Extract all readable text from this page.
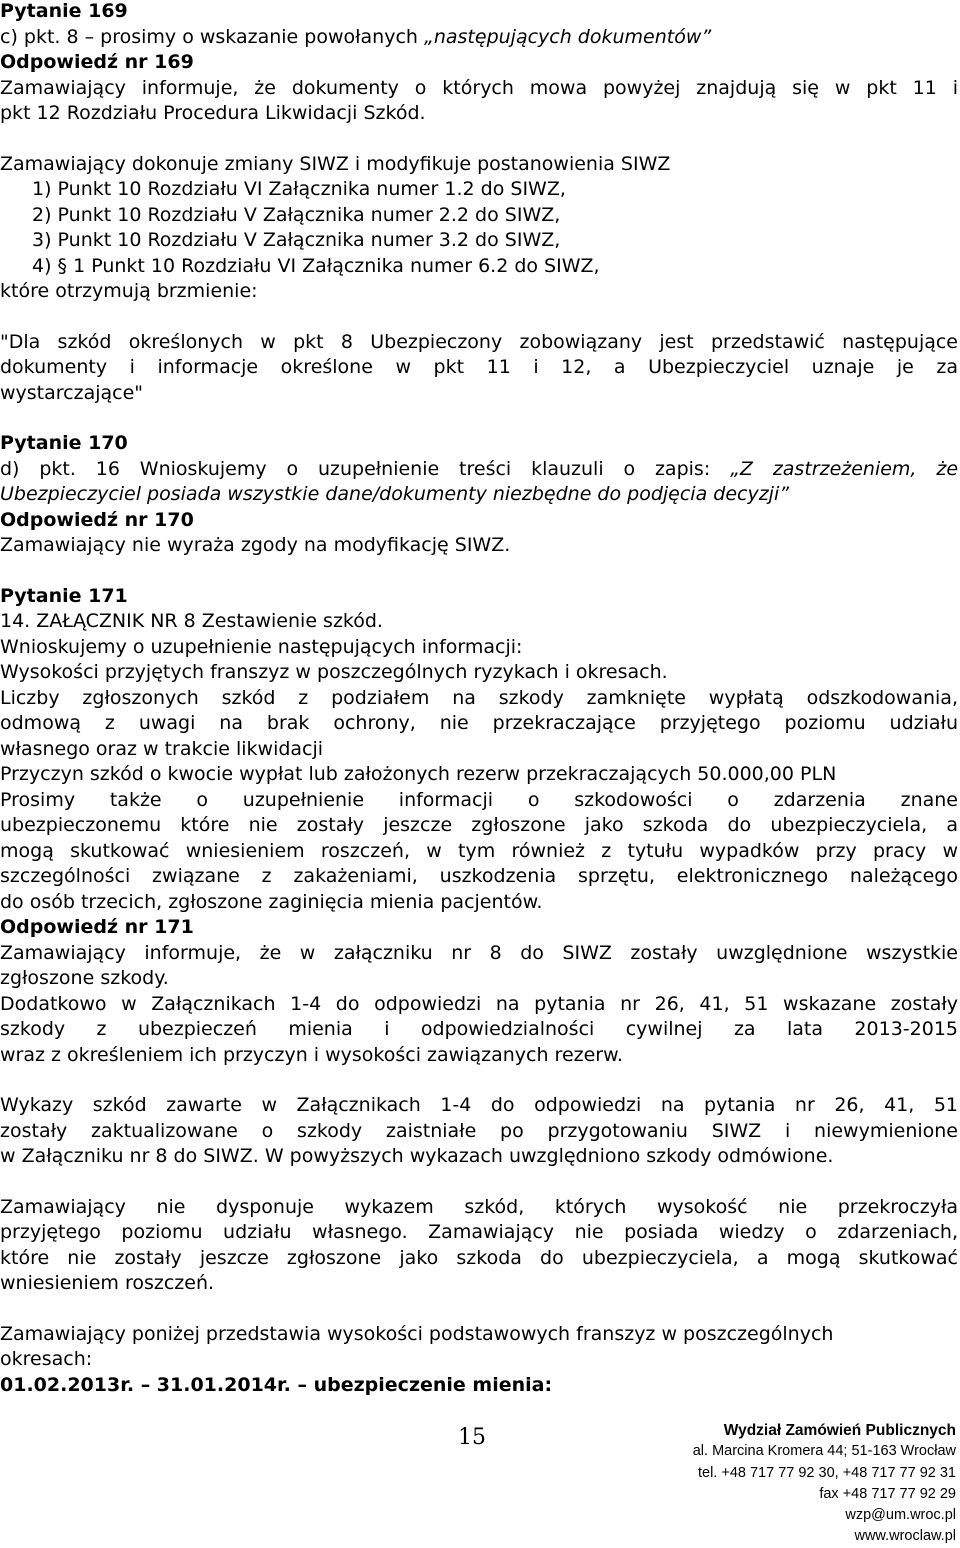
Pytanie 169

c) pkt. 8 – prosimy o wskazanie powołanych „następujących dokumentów”

Odpowiedź nr 169

Zamawiający informuje, że dokumenty o których mowa powyżej znajdują się w pkt 11 i

pkt 12 Rozdziału Procedura Likwidacji Szkód.

Zamawiający dokonuje zmiany SIWZ i modyfikuje postanowienia SIWZ

1) Punkt 10 Rozdziału VI Załącznika numer 1.2 do SIWZ,
2) Punkt 10 Rozdziału V Załącznika numer 2.2 do SIWZ,
3) Punkt 10 Rozdziału V Załącznika numer 3.2 do SIWZ,
4) § 1 Punkt 10 Rozdziału VI Załącznika numer 6.2 do SIWZ,

które otrzymują brzmienie:

"Dla szkód określonych w pkt 8 Ubezpieczony zobowiązany jest przedstawić następujące

dokumenty i informacje określone w pkt 11 i 12, a Ubezpieczyciel uznaje je za

wystarczające"

Pytanie 170

d) pkt. 16 Wnioskujemy o uzupełnienie treści klauzuli o zapis: „Z zastrzeżeniem, że

Ubezpieczyciel posiada wszystkie dane/dokumenty niezbędne do podjęcia decyzji”

Odpowiedź nr 170

Zamawiający nie wyraża zgody na modyfikację SIWZ.

Pytanie 171

14. ZAŁĄCZNIK NR 8 Zestawienie szkód.

Wnioskujemy o uzupełnienie następujących informacji:

Wysokości przyjętych franszyz w poszczególnych ryzykach i okresach.

Liczby zgłoszonych szkód z podziałem na szkody zamknięte wypłatą odszkodowania,

odmową z uwagi na brak ochrony, nie przekraczające przyjętego poziomu udziału

własnego oraz w trakcie likwidacji

Przyczyn szkód o kwocie wypłat lub założonych rezerw przekraczających 50.000,00 PLN

Prosimy także o uzupełnienie informacji o szkodowości o zdarzenia znane

ubezpieczonemu które nie zostały jeszcze zgłoszone jako szkoda do ubezpieczyciela, a

mogą skutkować wniesieniem roszczeń, w tym również z tytułu wypadków przy pracy w

szczególności związane z zakażeniami, uszkodzenia sprzętu, elektronicznego należącego

do osób trzecich, zgłoszone zaginięcia mienia pacjentów.

Odpowiedź nr 171

Zamawiający informuje, że w załączniku nr 8 do SIWZ zostały uwzględnione wszystkie

zgłoszone szkody.

Dodatkowo w Załącznikach 1-4 do odpowiedzi na pytania nr 26, 41, 51 wskazane zostały

szkody z ubezpieczeń mienia i odpowiedzialności cywilnej za lata 2013-2015

wraz z określeniem ich przyczyn i wysokości zawiązanych rezerw.

Wykazy szkód zawarte w Załącznikach 1-4 do odpowiedzi na pytania nr 26, 41, 51

zostały zaktualizowane o szkody zaistniałe po przygotowaniu SIWZ i niewymienione

w Załączniku nr 8 do SIWZ. W powyższych wykazach uwzględniono szkody odmówione.

Zamawiający nie dysponuje wykazem szkód, których wysokość nie przekroczyła

przyjętego poziomu udziału własnego. Zamawiający nie posiada wiedzy o zdarzeniach,

które nie zostały jeszcze zgłoszone jako szkoda do ubezpieczyciela, a mogą skutkować

wniesieniem roszczeń.

Zamawiający poniżej przedstawia wysokości podstawowych franszyz w poszczególnych

okresach:

01.02.2013r. – 31.01.2014r. – ubezpieczenie mienia:

15	Wydział Zamówień Publicznych
al. Marcina Kromera 44; 51-163 Wrocław
tel. +48 717 77 92 30, +48 717 77 92 31
fax +48 717 77 92 29
wzp@um.wroc.pl
www.wroclaw.pl
